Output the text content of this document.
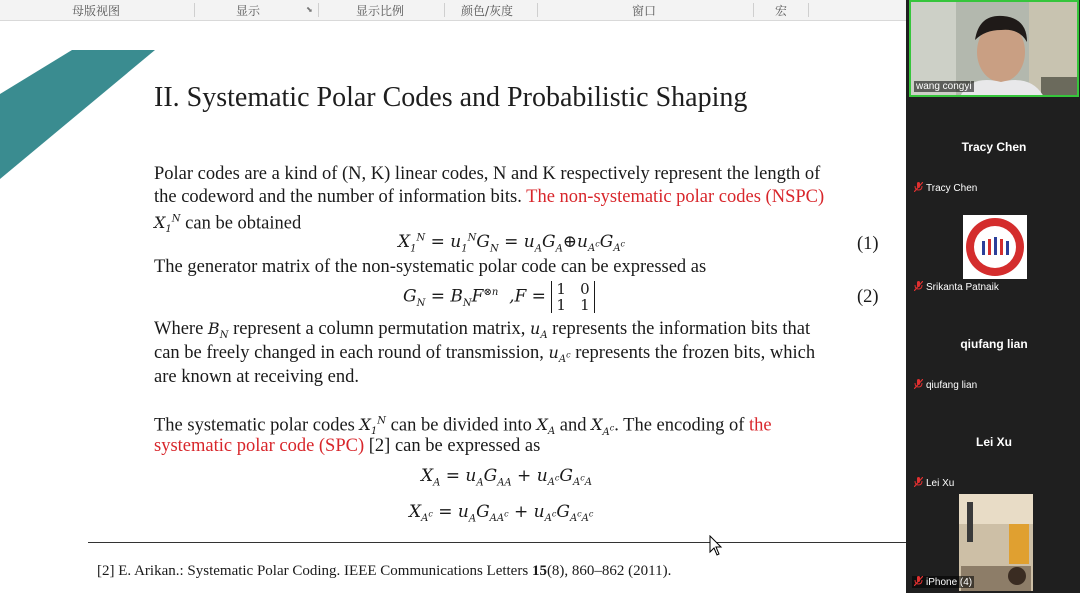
母版视图	显示	⬊	显示比例	颜色/灰度	窗口	宏
II. Systematic Polar Codes and Probabilistic Shaping
Polar codes are a kind of (N, K) linear codes, N and K respectively represent the length of
the codeword and the number of information bits. The non-systematic polar codes (NSPC)
$X_1^N$ can be obtained
$X_1^N = u_1^NG_N$ = $u_AG_A\oplus u_{A^c}G_{A^c}$	(1)
The generator matrix of the non-systematic polar code can be expressed as
$G_N = B_NF^{\otimes n}$  ,F = 1   0
1   1	(2)
Where $B_N$ represent a column permutation matrix, $u_A$ represents the information bits that
can be freely changed in each round of transmission, $u_{A^c}$ represents the frozen bits, which
are known at receiving end.
The systematic polar codes $X_1^N$ can be divided into $X_A$ and $X_{A^c}$. The encoding of the
systematic polar code (SPC) [2] can be expressed as
$X_A = u_AG_{AA} + u_{A^c}G_{A^cA}$
$X_{A^c} = u_AG_{AA^c} + u_{A^c}G_{A^cA^c}$
[2] E. Arikan.: Systematic Polar Coding. IEEE Communications Letters 15(8), 860–862 (2011).
wang congyi
Tracy Chen
Tracy Chen
Srikanta Patnaik
qiufang lian
qiufang lian
Lei Xu
Lei Xu
iPhone (4)
